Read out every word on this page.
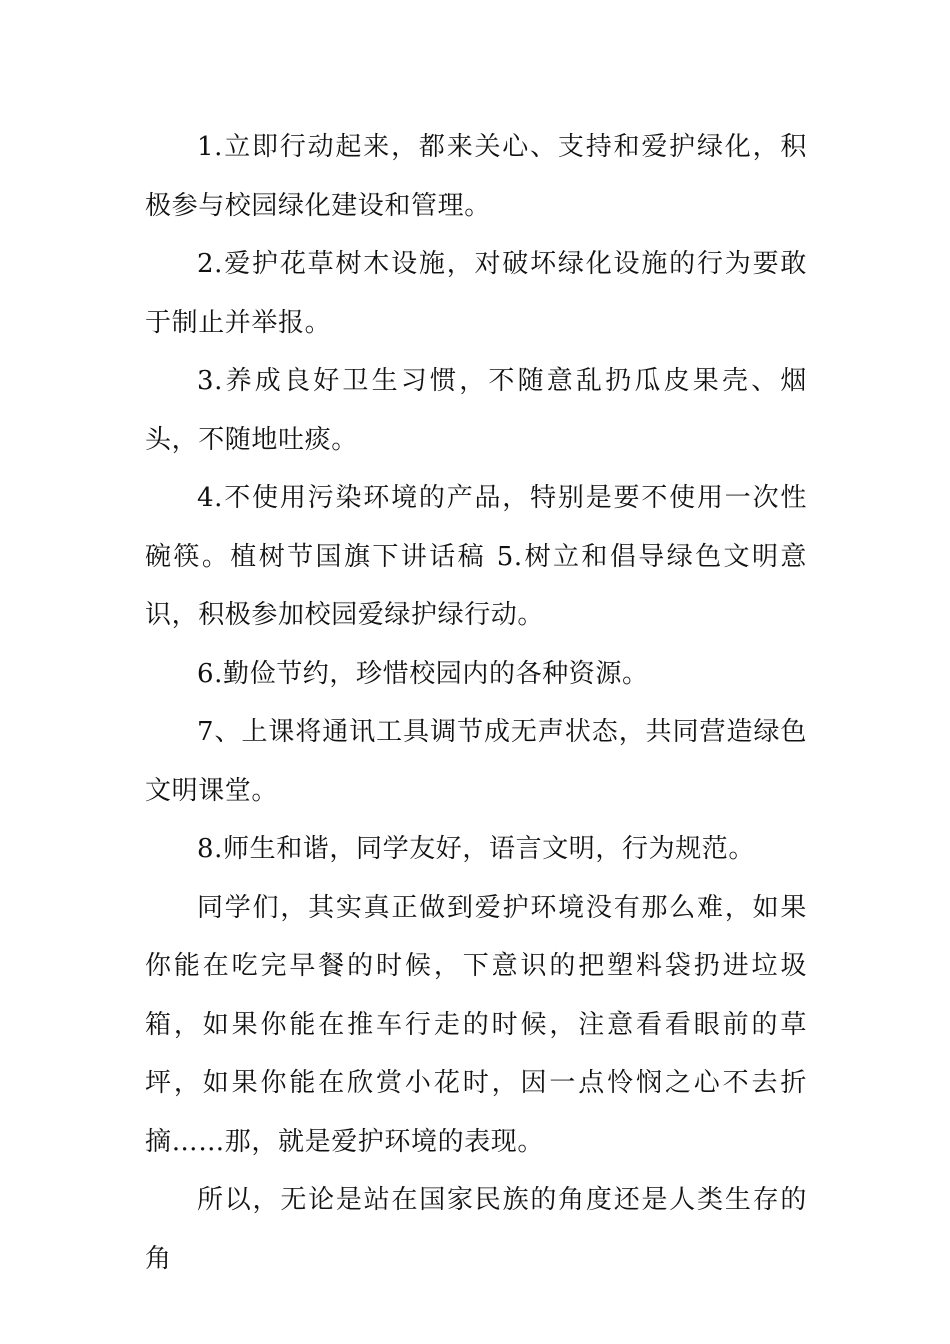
1.立即行动起来，都来关心、支持和爱护绿化，积极参与校园绿化建设和管理。

2.爱护花草树木设施，对破坏绿化设施的行为要敢于制止并举报。

3.养成良好卫生习惯，不随意乱扔瓜皮果壳、烟头，不随地吐痰。

4.不使用污染环境的产品，特别是要不使用一次性碗筷。植树节国旗下讲话稿 5.树立和倡导绿色文明意识，积极参加校园爱绿护绿行动。

6.勤俭节约，珍惜校园内的各种资源。

7、上课将通讯工具调节成无声状态，共同营造绿色文明课堂。

8.师生和谐，同学友好，语言文明，行为规范。

同学们，其实真正做到爱护环境没有那么难，如果你能在吃完早餐的时候，下意识的把塑料袋扔进垃圾箱，如果你能在推车行走的时候，注意看看眼前的草坪，如果你能在欣赏小花时，因一点怜悯之心不去折摘……那，就是爱护环境的表现。

所以，无论是站在国家民族的角度还是人类生存的角
